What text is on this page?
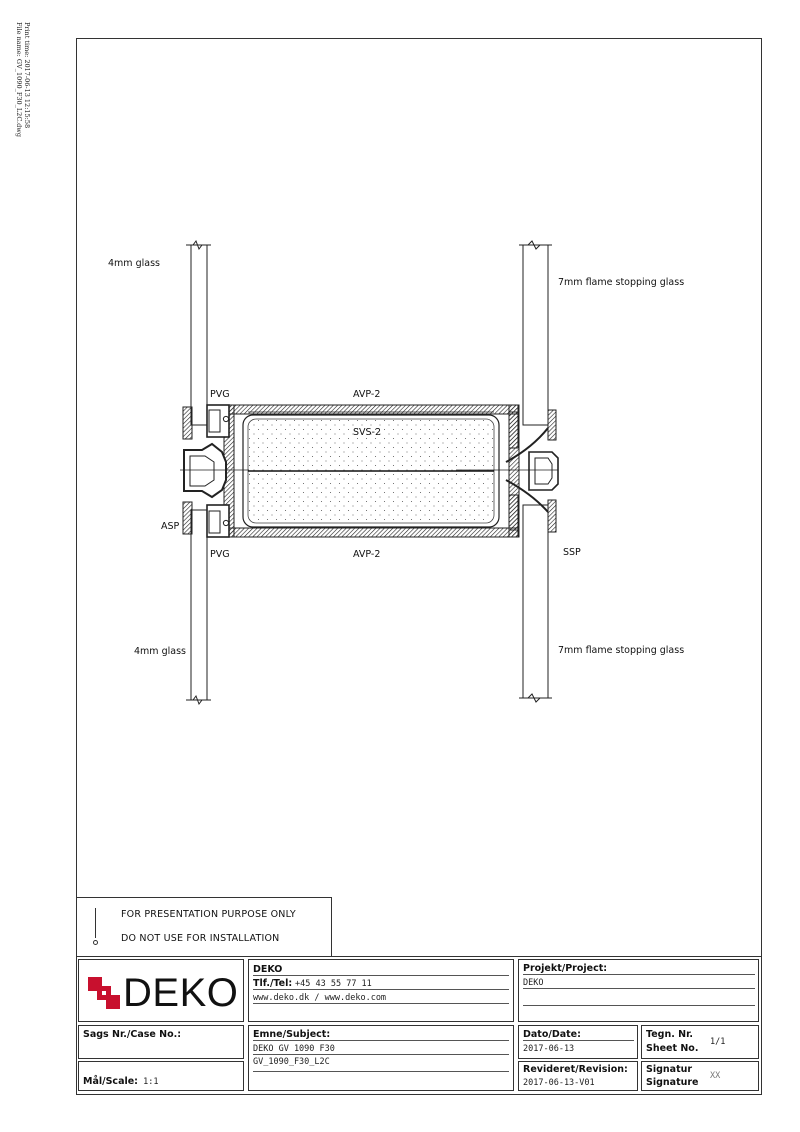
Print time: 2017-06-13 12:15:58
File name: GV_1090_F30_L2C.dwg
4mm glass
4mm glass
7mm flame stopping glass
7mm flame stopping glass
PVG
PVG
AVP-2
AVP-2
SVS-2
ASP
SSP
FOR PRESENTATION PURPOSE ONLY
DO NOT USE FOR INSTALLATION
DEKO
DEKO
Tlf./Tel: +45 43 55 77 11
www.deko.dk / www.deko.com
Projekt/Project:
DEKO
Sags Nr./Case No.:
Mål/Scale: 1:1
Emne/Subject:
DEKO GV 1090 F30
GV_1090_F30_L2C
Dato/Date:
2017-06-13
Tegn. Nr.
Sheet No.
1/1
Revideret/Revision:
2017-06-13-V01
Signatur
Signature
XX
